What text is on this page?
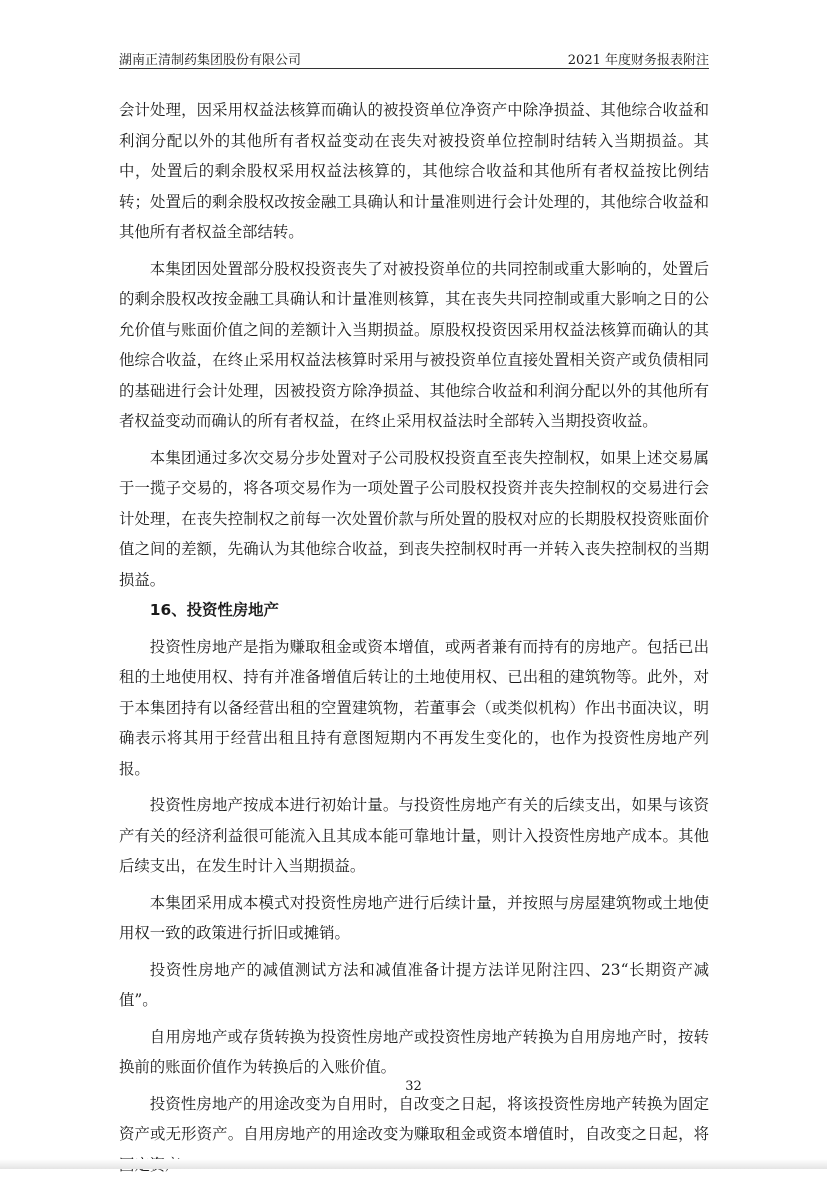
湖南正清制药集团股份有限公司	2021 年度财务报表附注

会计处理，因采用权益法核算而确认的被投资单位净资产中除净损益、其他综合收益和利润分配以外的其他所有者权益变动在丧失对被投资单位控制时结转入当期损益。其中，处置后的剩余股权采用权益法核算的，其他综合收益和其他所有者权益按比例结转；处置后的剩余股权改按金融工具确认和计量准则进行会计处理的，其他综合收益和其他所有者权益全部结转。

本集团因处置部分股权投资丧失了对被投资单位的共同控制或重大影响的，处置后的剩余股权改按金融工具确认和计量准则核算，其在丧失共同控制或重大影响之日的公允价值与账面价值之间的差额计入当期损益。原股权投资因采用权益法核算而确认的其他综合收益，在终止采用权益法核算时采用与被投资单位直接处置相关资产或负债相同的基础进行会计处理，因被投资方除净损益、其他综合收益和利润分配以外的其他所有者权益变动而确认的所有者权益，在终止采用权益法时全部转入当期投资收益。

本集团通过多次交易分步处置对子公司股权投资直至丧失控制权，如果上述交易属于一揽子交易的，将各项交易作为一项处置子公司股权投资并丧失控制权的交易进行会计处理，在丧失控制权之前每一次处置价款与所处置的股权对应的长期股权投资账面价值之间的差额，先确认为其他综合收益，到丧失控制权时再一并转入丧失控制权的当期损益。

16、投资性房地产

投资性房地产是指为赚取租金或资本增值，或两者兼有而持有的房地产。包括已出租的土地使用权、持有并准备增值后转让的土地使用权、已出租的建筑物等。此外，对于本集团持有以备经营出租的空置建筑物，若董事会（或类似机构）作出书面决议，明确表示将其用于经营出租且持有意图短期内不再发生变化的，也作为投资性房地产列报。

投资性房地产按成本进行初始计量。与投资性房地产有关的后续支出，如果与该资产有关的经济利益很可能流入且其成本能可靠地计量，则计入投资性房地产成本。其他后续支出，在发生时计入当期损益。

本集团采用成本模式对投资性房地产进行后续计量，并按照与房屋建筑物或土地使用权一致的政策进行折旧或摊销。

投资性房地产的减值测试方法和减值准备计提方法详见附注四、23“长期资产减值”。

自用房地产或存货转换为投资性房地产或投资性房地产转换为自用房地产时，按转换前的账面价值作为转换后的入账价值。

投资性房地产的用途改变为自用时，自改变之日起，将该投资性房地产转换为固定资产或无形资产。自用房地产的用途改变为赚取租金或资本增值时，自改变之日起，将

32
